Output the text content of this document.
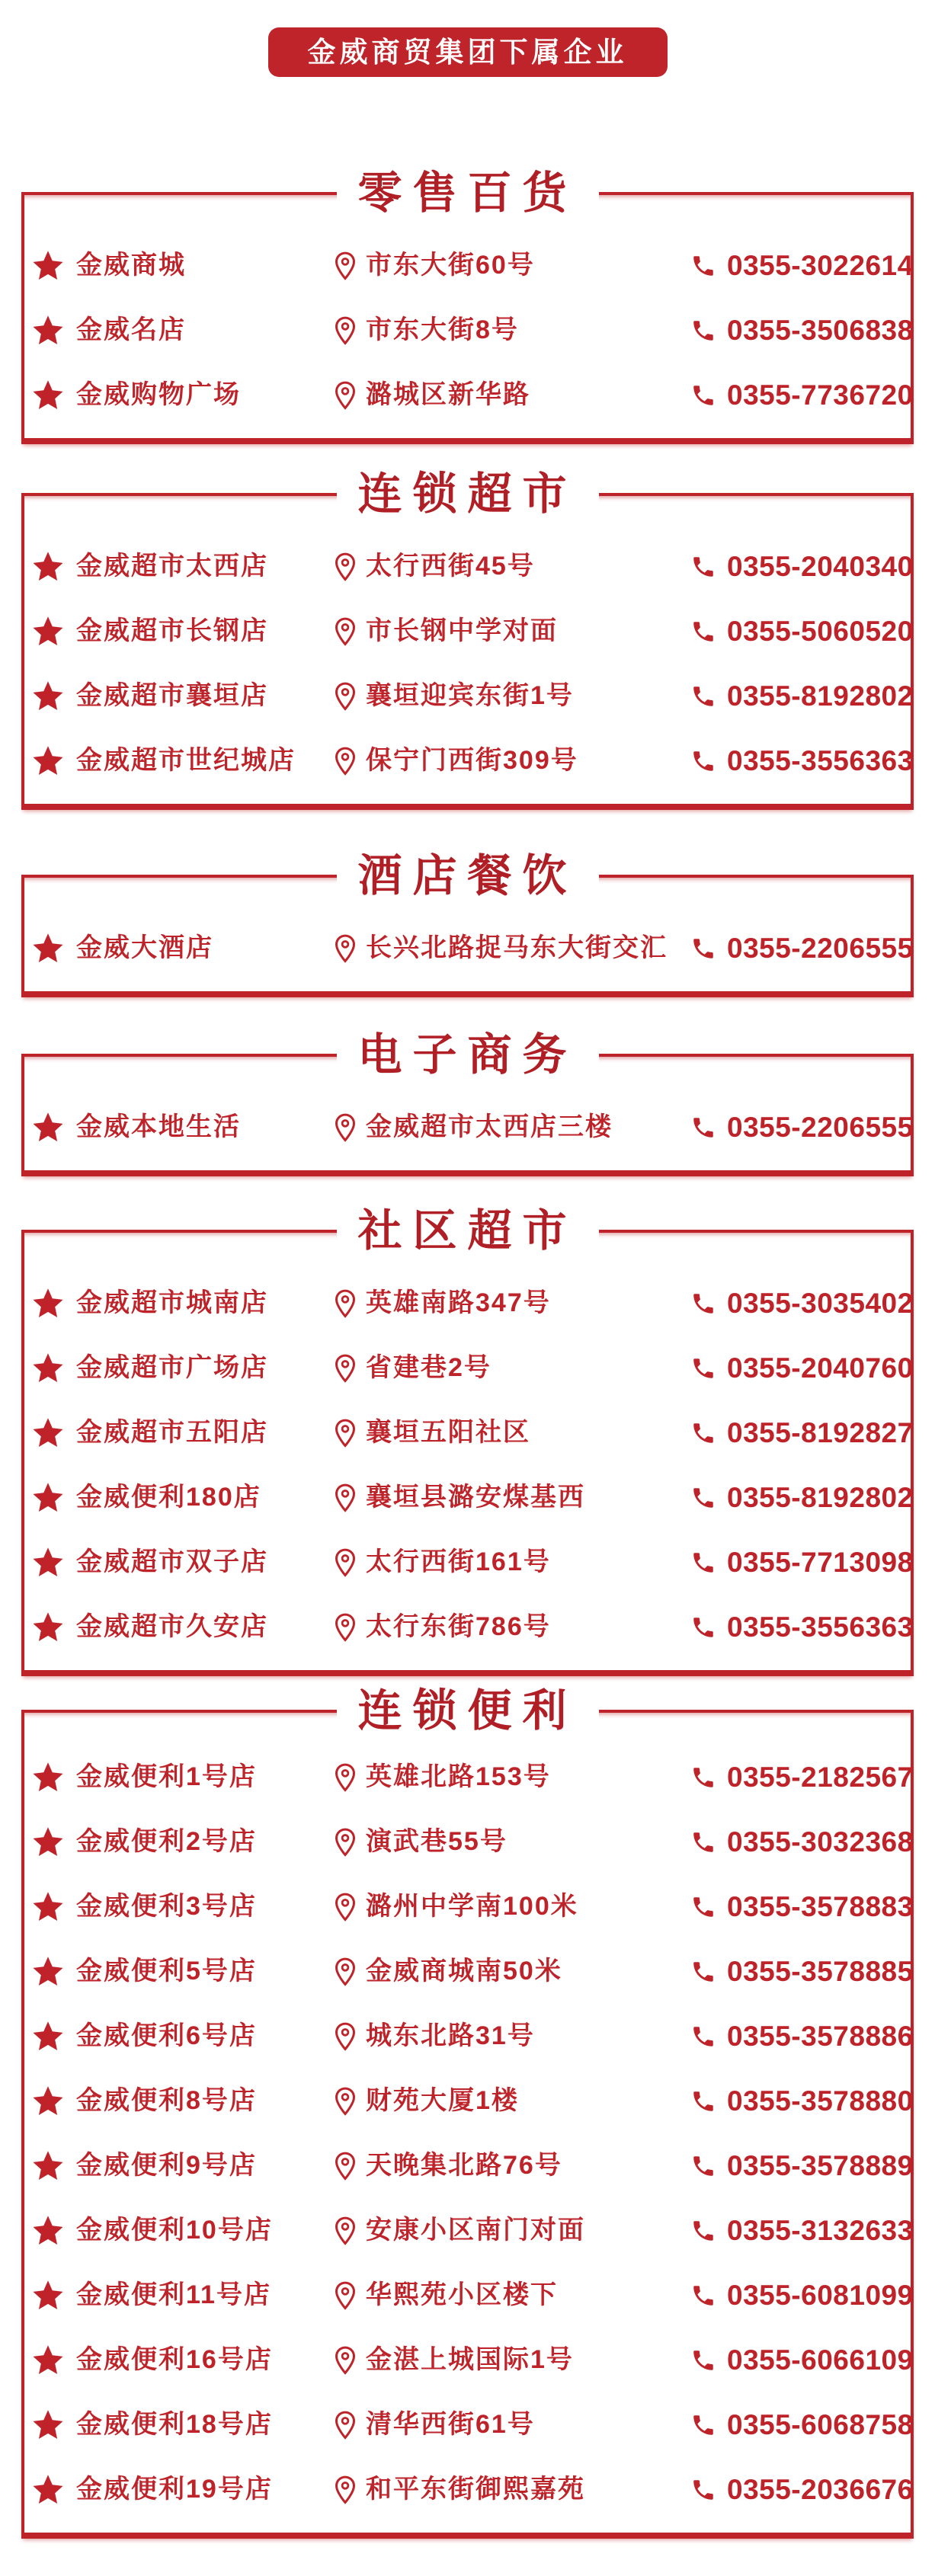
金威商贸集团下属企业
零售百货
金威商城	市东大街60号	0355-3022614
金威名店	市东大街8号	0355-3506838
金威购物广场	潞城区新华路	0355-7736720
连锁超市
金威超市太西店	太行西街45号	0355-2040340
金威超市长钢店	市长钢中学对面	0355-5060520
金威超市襄垣店	襄垣迎宾东街1号	0355-8192802
金威超市世纪城店	保宁门西街309号	0355-3556363
酒店餐饮
金威大酒店	长兴北路捉马东大街交汇 0355-2206555
电子商务
金威本地生活	金威超市太西店三楼	0355-2206555
社区超市
金威超市城南店	英雄南路347号	0355-3035402
金威超市广场店	省建巷2号	0355-2040760
金威超市五阳店	襄垣五阳社区	0355-8192827
金威便利180店	襄垣县潞安煤基西	0355-8192802
金威超市双子店	太行西街161号	0355-7713098
金威超市久安店	太行东街786号	0355-3556363
连锁便利
金威便利1号店	英雄北路153号	0355-2182567
金威便利2号店	演武巷55号	0355-3032368
金威便利3号店	潞州中学南100米	0355-3578883
金威便利5号店	金威商城南50米	0355-3578885
金威便利6号店	城东北路31号	0355-3578886
金威便利8号店	财苑大厦1楼	0355-3578880
金威便利9号店	天晚集北路76号	0355-3578889
金威便利10号店	安康小区南门对面	0355-3132633
金威便利11号店	华熙苑小区楼下	0355-6081099
金威便利16号店	金湛上城国际1号	0355-6066109
金威便利18号店	清华西街61号	0355-6068758
金威便利19号店	和平东街御熙嘉苑	0355-2036676
